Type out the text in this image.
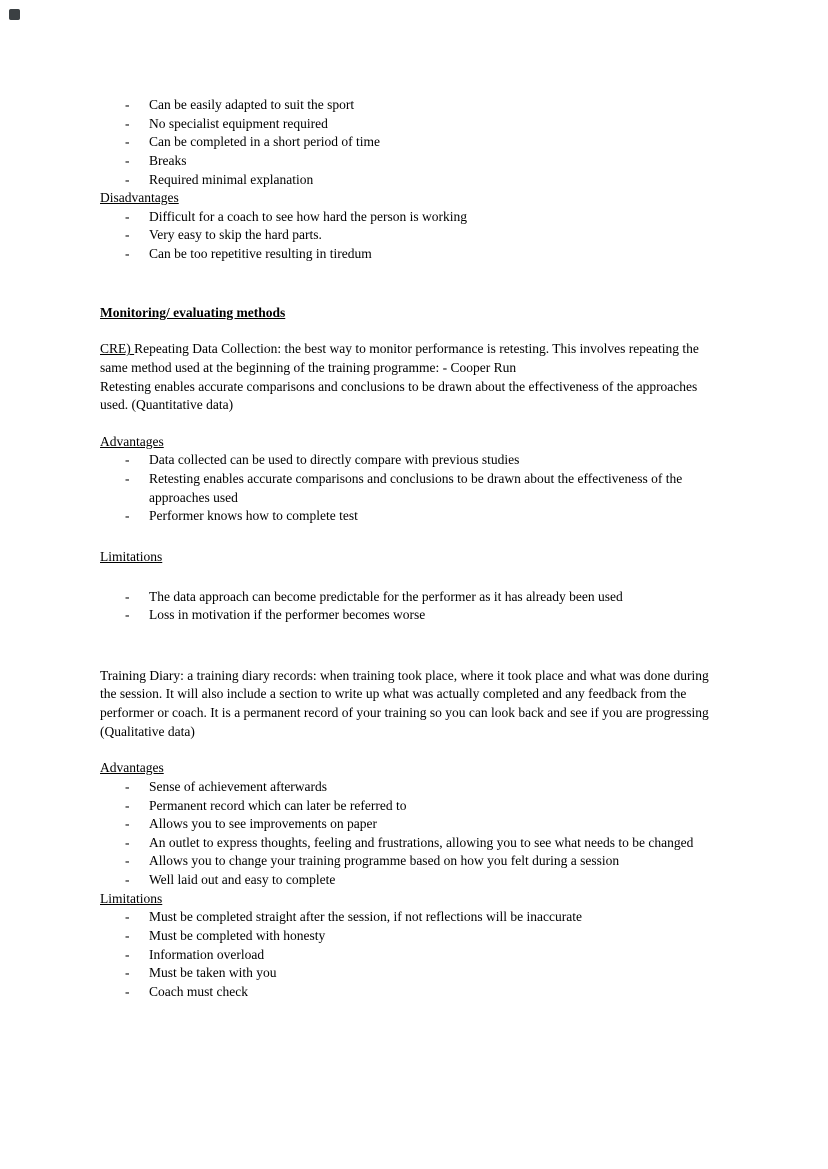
-	Can be easily adapted to suit the sport
-	No specialist equipment required
-	Can be completed in a short period of time
-	Breaks
-	Required minimal explanation
Disadvantages
-	Difficult for a coach to see how hard the person is working
-	Very easy to skip the hard parts.
-	Can be too repetitive resulting in tiredum
Monitoring/ evaluating methods

CRE) Repeating Data Collection: the best way to monitor performance is retesting. This involves repeating the same method used at the beginning of the training programme: - Cooper Run

Retesting enables accurate comparisons and conclusions to be drawn about the effectiveness of the approaches used. (Quantitative data)

Advantages
-	Data collected can be used to directly compare with previous studies
-	Retesting enables accurate comparisons and conclusions to be drawn about the effectiveness of the approaches used
-	Performer knows how to complete test
Limitations
-	The data approach can become predictable for the performer as it has already been used
-	Loss in motivation if the performer becomes worse

Training Diary: a training diary records: when training took place, where it took place and what was done during the session. It will also include a section to write up what was actually completed and any feedback from the performer or coach. It is a permanent record of your training so you can look back and see if you are progressing (Qualitative data)

Advantages
-	Sense of achievement afterwards
-	Permanent record which can later be referred to
-	Allows you to see improvements on paper
-	An outlet to express thoughts, feeling and frustrations, allowing you to see what needs to be changed
-	Allows you to change your training programme based on how you felt during a session
-	Well laid out and easy to complete
Limitations
-	Must be completed straight after the session, if not reflections will be inaccurate
-	Must be completed with honesty
-	Information overload
-	Must be taken with you
-	Coach must check
